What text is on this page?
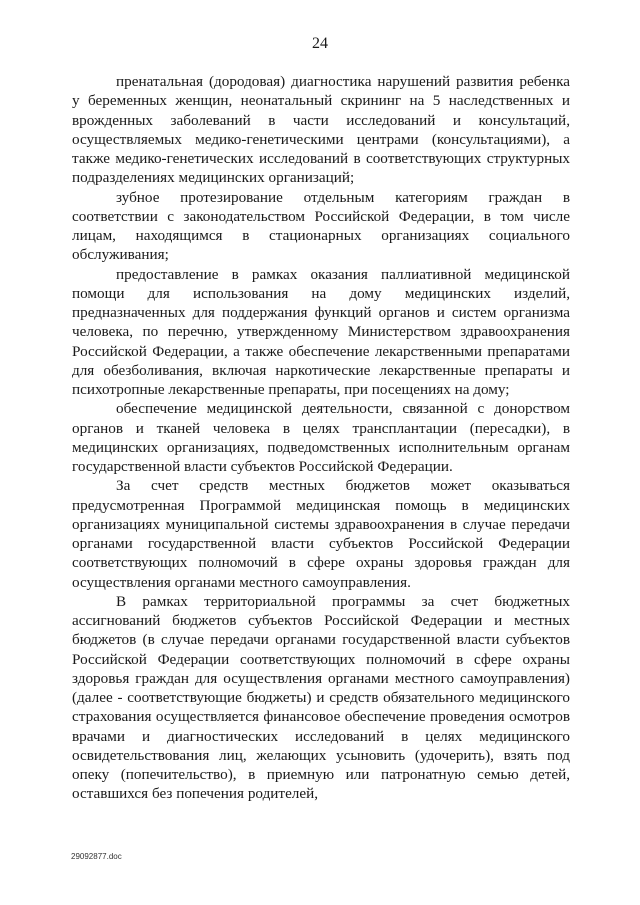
24

пренатальная (дородовая) диагностика нарушений развития ребенка у беременных женщин, неонатальный скрининг на 5 наследственных и врожденных заболеваний в части исследований и консультаций, осуществляемых медико-генетическими центрами (консультациями), а также медико-генетических исследований в соответствующих структурных подразделениях медицинских организаций;

зубное протезирование отдельным категориям граждан в соответствии с законодательством Российской Федерации, в том числе лицам, находящимся в стационарных организациях социального обслуживания;

предоставление в рамках оказания паллиативной медицинской помощи для использования на дому медицинских изделий, предназначенных для поддержания функций органов и систем организма человека, по перечню, утвержденному Министерством здравоохранения Российской Федерации, а также обеспечение лекарственными препаратами для обезболивания, включая наркотические лекарственные препараты и психотропные лекарственные препараты, при посещениях на дому;

обеспечение медицинской деятельности, связанной с донорством органов и тканей человека в целях трансплантации (пересадки), в медицинских организациях, подведомственных исполнительным органам государственной власти субъектов Российской Федерации.

За счет средств местных бюджетов может оказываться предусмотренная Программой медицинская помощь в медицинских организациях муниципальной системы здравоохранения в случае передачи органами государственной власти субъектов Российской Федерации соответствующих полномочий в сфере охраны здоровья граждан для осуществления органами местного самоуправления.

В рамках территориальной программы за счет бюджетных ассигнований бюджетов субъектов Российской Федерации и местных бюджетов (в случае передачи органами государственной власти субъектов Российской Федерации соответствующих полномочий в сфере охраны здоровья граждан для осуществления органами местного самоуправления) (далее - соответствующие бюджеты) и средств обязательного медицинского страхования осуществляется финансовое обеспечение проведения осмотров врачами и диагностических исследований в целях медицинского освидетельствования лиц, желающих усыновить (удочерить), взять под опеку (попечительство), в приемную или патронатную семью детей, оставшихся без попечения родителей,

29092877.doc
